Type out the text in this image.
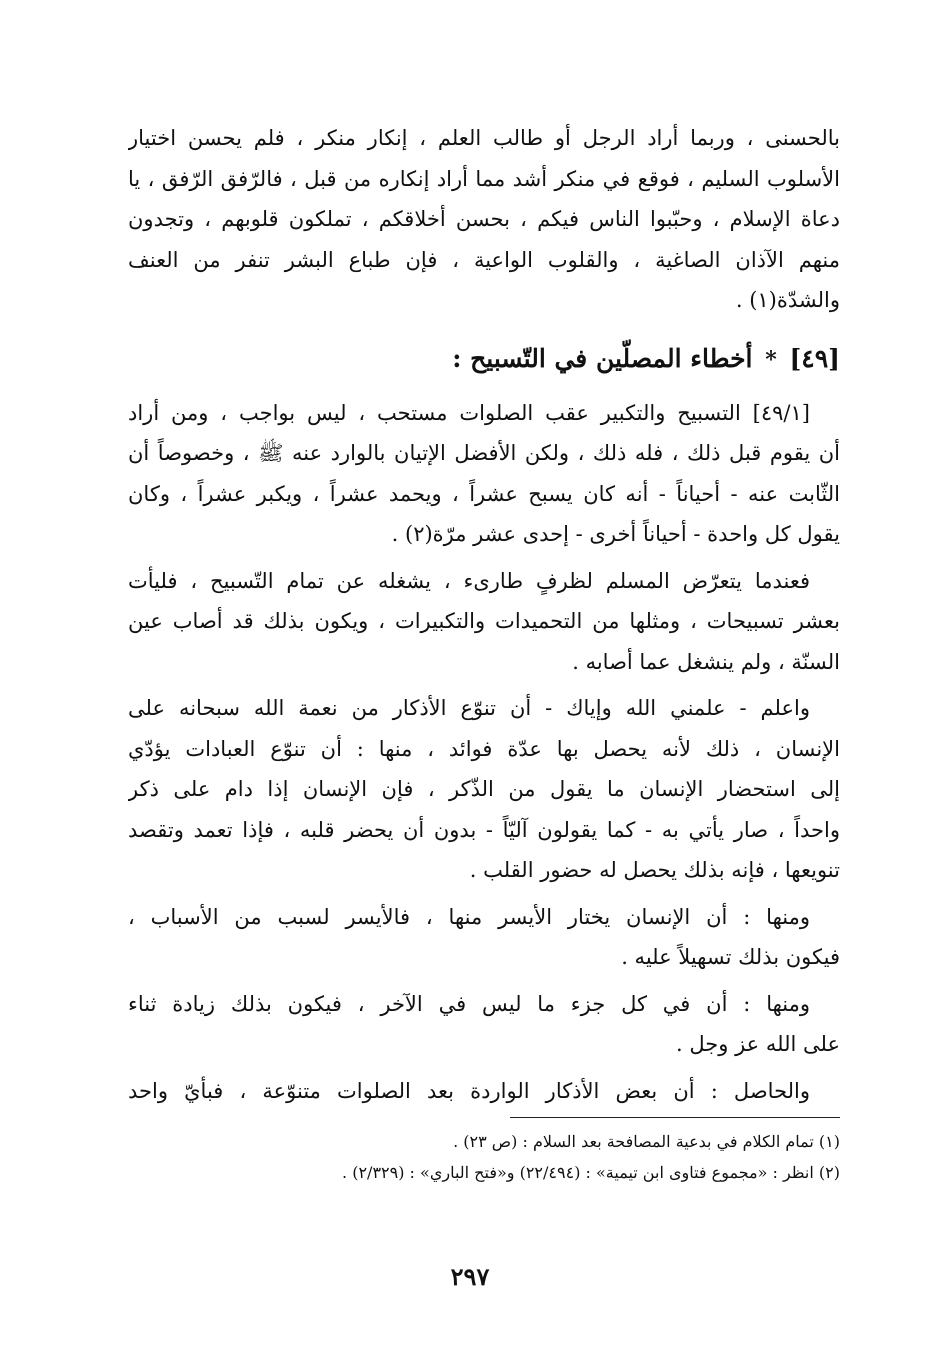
بالحسنى ، وربما أراد الرجل أو طالب العلم ، إنكار منكر ، فلم يحسن اختيار
الأسلوب السليم ، فوقع في منكر أشد مما أراد إنكاره من قبل ، فالرّفق الرّفق ، يا
دعاة الإسلام ، وحبّبوا الناس فيكم ، بحسن أخلاقكم ، تملكون قلوبهم ، وتجدون
منهم الآذان الصاغية ، والقلوب الواعية ، فإن طباع البشر تنفر من العنف
والشدّة(١) .
[٤٩] * أخطاء المصلّين في التّسبيح :
[٤٩/١] التسبيح والتكبير عقب الصلوات مستحب ، ليس بواجب ، ومن أراد
أن يقوم قبل ذلك ، فله ذلك ، ولكن الأفضل الإتيان بالوارد عنه ﷺ ، وخصوصاً أن
الثّابت عنه - أحياناً - أنه كان يسبح عشراً ، ويحمد عشراً ، ويكبر عشراً ، وكان
يقول كل واحدة - أحياناً أخرى - إحدى عشر مرّة(٢) .
فعندما يتعرّض المسلم لظرفٍ طارىء ، يشغله عن تمام التّسبيح ، فليأت
بعشر تسبيحات ، ومثلها من التحميدات والتكبيرات ، ويكون بذلك قد أصاب عين
السنّة ، ولم ينشغل عما أصابه .
واعلم - علمني الله وإياك - أن تنوّع الأذكار من نعمة الله سبحانه على
الإنسان ، ذلك لأنه يحصل بها عدّة فوائد ، منها : أن تنوّع العبادات يؤدّي
إلى استحضار الإنسان ما يقول من الذّكر ، فإن الإنسان إذا دام على ذكر
واحداً ، صار يأتي به - كما يقولون آليّاً - بدون أن يحضر قلبه ، فإذا تعمد وتقصد
تنويعها ، فإنه بذلك يحصل له حضور القلب .
ومنها : أن الإنسان يختار الأيسر منها ، فالأيسر لسبب من الأسباب ،
فيكون بذلك تسهيلاً عليه .
ومنها : أن في كل جزء ما ليس في الآخر ، فيكون بذلك زيادة ثناء
على الله عز وجل .
والحاصل : أن بعض الأذكار الواردة بعد الصلوات متنوّعة ، فبأيّ واحد
(١) تمام الكلام في بدعية المصافحة بعد السلام : (ص ٢٣) .
(٢) انظر : «مجموع فتاوى ابن تيمية» : (٢٢/٤٩٤) و«فتح الباري» : (٢/٣٢٩) .
٢٩٧
